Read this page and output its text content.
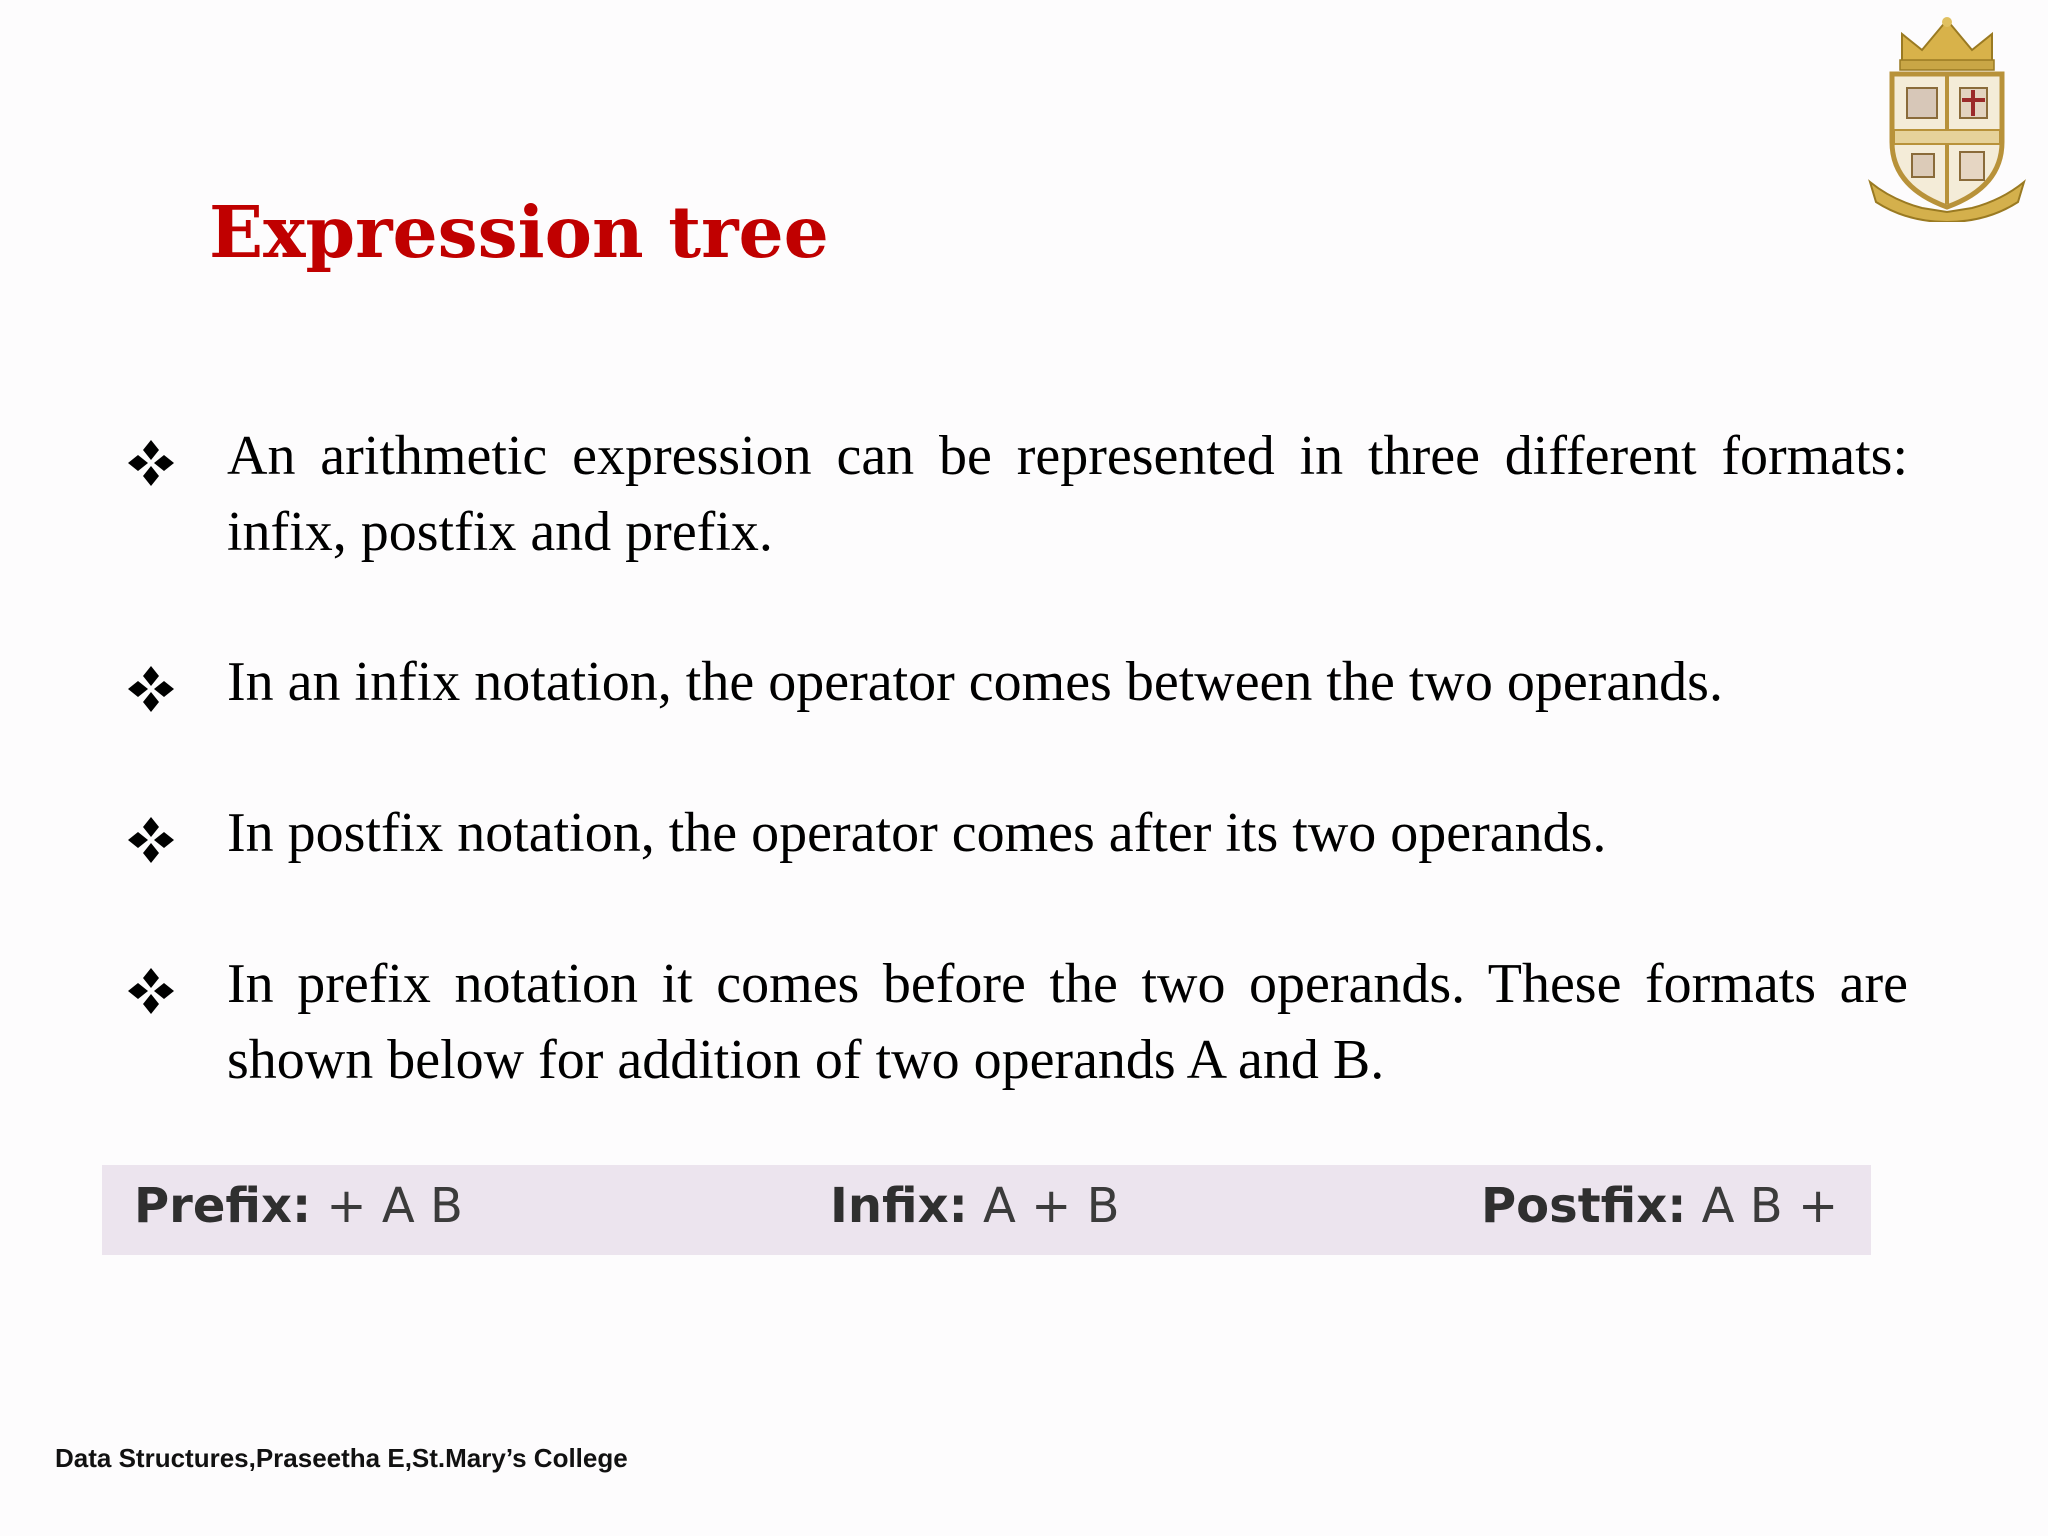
Expression tree
An arithmetic expression can be represented in three different formats: infix, postfix and prefix.
In an infix notation, the operator comes between the two operands.
In postfix notation, the operator comes after its two operands.
In prefix notation it comes before the two operands. These formats are shown below for addition of two operands A and B.
Prefix: + A B	Infix: A + B	Postfix: A B +
Data Structures,Praseetha E,St.Mary’s College
